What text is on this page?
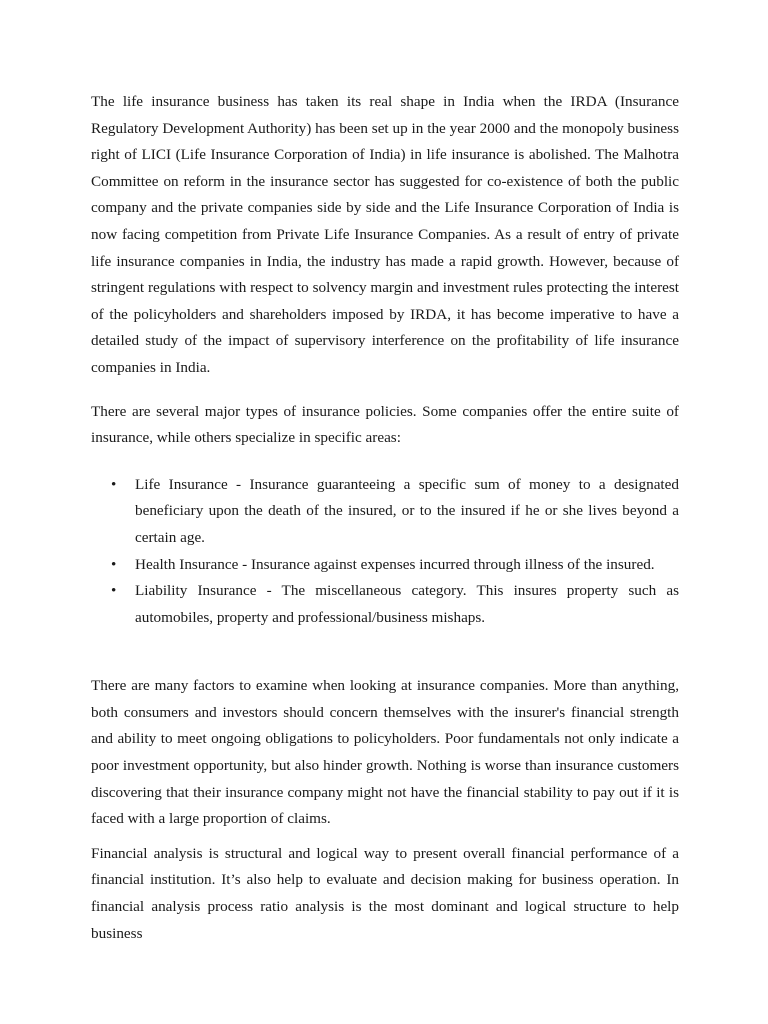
The life insurance business has taken its real shape in India when the IRDA (Insurance Regulatory Development Authority) has been set up in the year 2000 and the monopoly business right of LICI (Life Insurance Corporation of India) in life insurance is abolished. The Malhotra Committee on reform in the insurance sector has suggested for co-existence of both the public company and the private companies side by side and the Life Insurance Corporation of India is now facing competition from Private Life Insurance Companies. As a result of entry of private life insurance companies in India, the industry has made a rapid growth. However, because of stringent regulations with respect to solvency margin and investment rules protecting the interest of the policyholders and shareholders imposed by IRDA, it has become imperative to have a detailed study of the impact of supervisory interference on the profitability of life insurance companies in India.

There are several major types of insurance policies. Some companies offer the entire suite of insurance, while others specialize in specific areas:

• Life Insurance - Insurance guaranteeing a specific sum of money to a designated beneficiary upon the death of the insured, or to the insured if he or she lives beyond a certain age.
• Health Insurance - Insurance against expenses incurred through illness of the insured.
• Liability Insurance - The miscellaneous category. This insures property such as automobiles, property and professional/business mishaps.

There are many factors to examine when looking at insurance companies. More than anything, both consumers and investors should concern themselves with the insurer's financial strength and ability to meet ongoing obligations to policyholders. Poor fundamentals not only indicate a poor investment opportunity, but also hinder growth. Nothing is worse than insurance customers discovering that their insurance company might not have the financial stability to pay out if it is faced with a large proportion of claims.

Financial analysis is structural and logical way to present overall financial performance of a financial institution. It’s also help to evaluate and decision making for business operation. In financial analysis process ratio analysis is the most dominant and logical structure to help business
